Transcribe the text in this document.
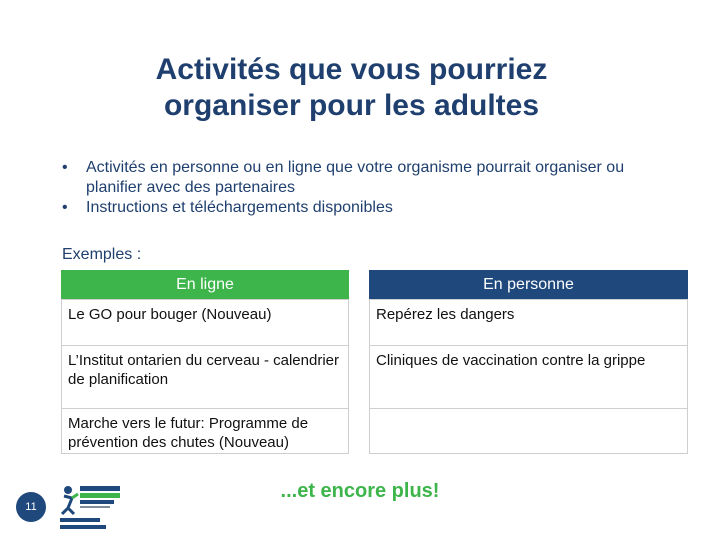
Activités que vous pourriez
organiser pour les adultes
• Activités en personne ou en ligne que votre organisme pourrait organiser ou planifier avec des partenaires
• Instructions et téléchargements disponibles
Exemples :
En ligne
Le GO pour bouger (Nouveau)
L’Institut ontarien du cerveau - calendrier de planification
Marche vers le futur: Programme de prévention des chutes (Nouveau)
En personne
Repérez les dangers
Cliniques de vaccination contre la grippe
...et encore plus!
11
